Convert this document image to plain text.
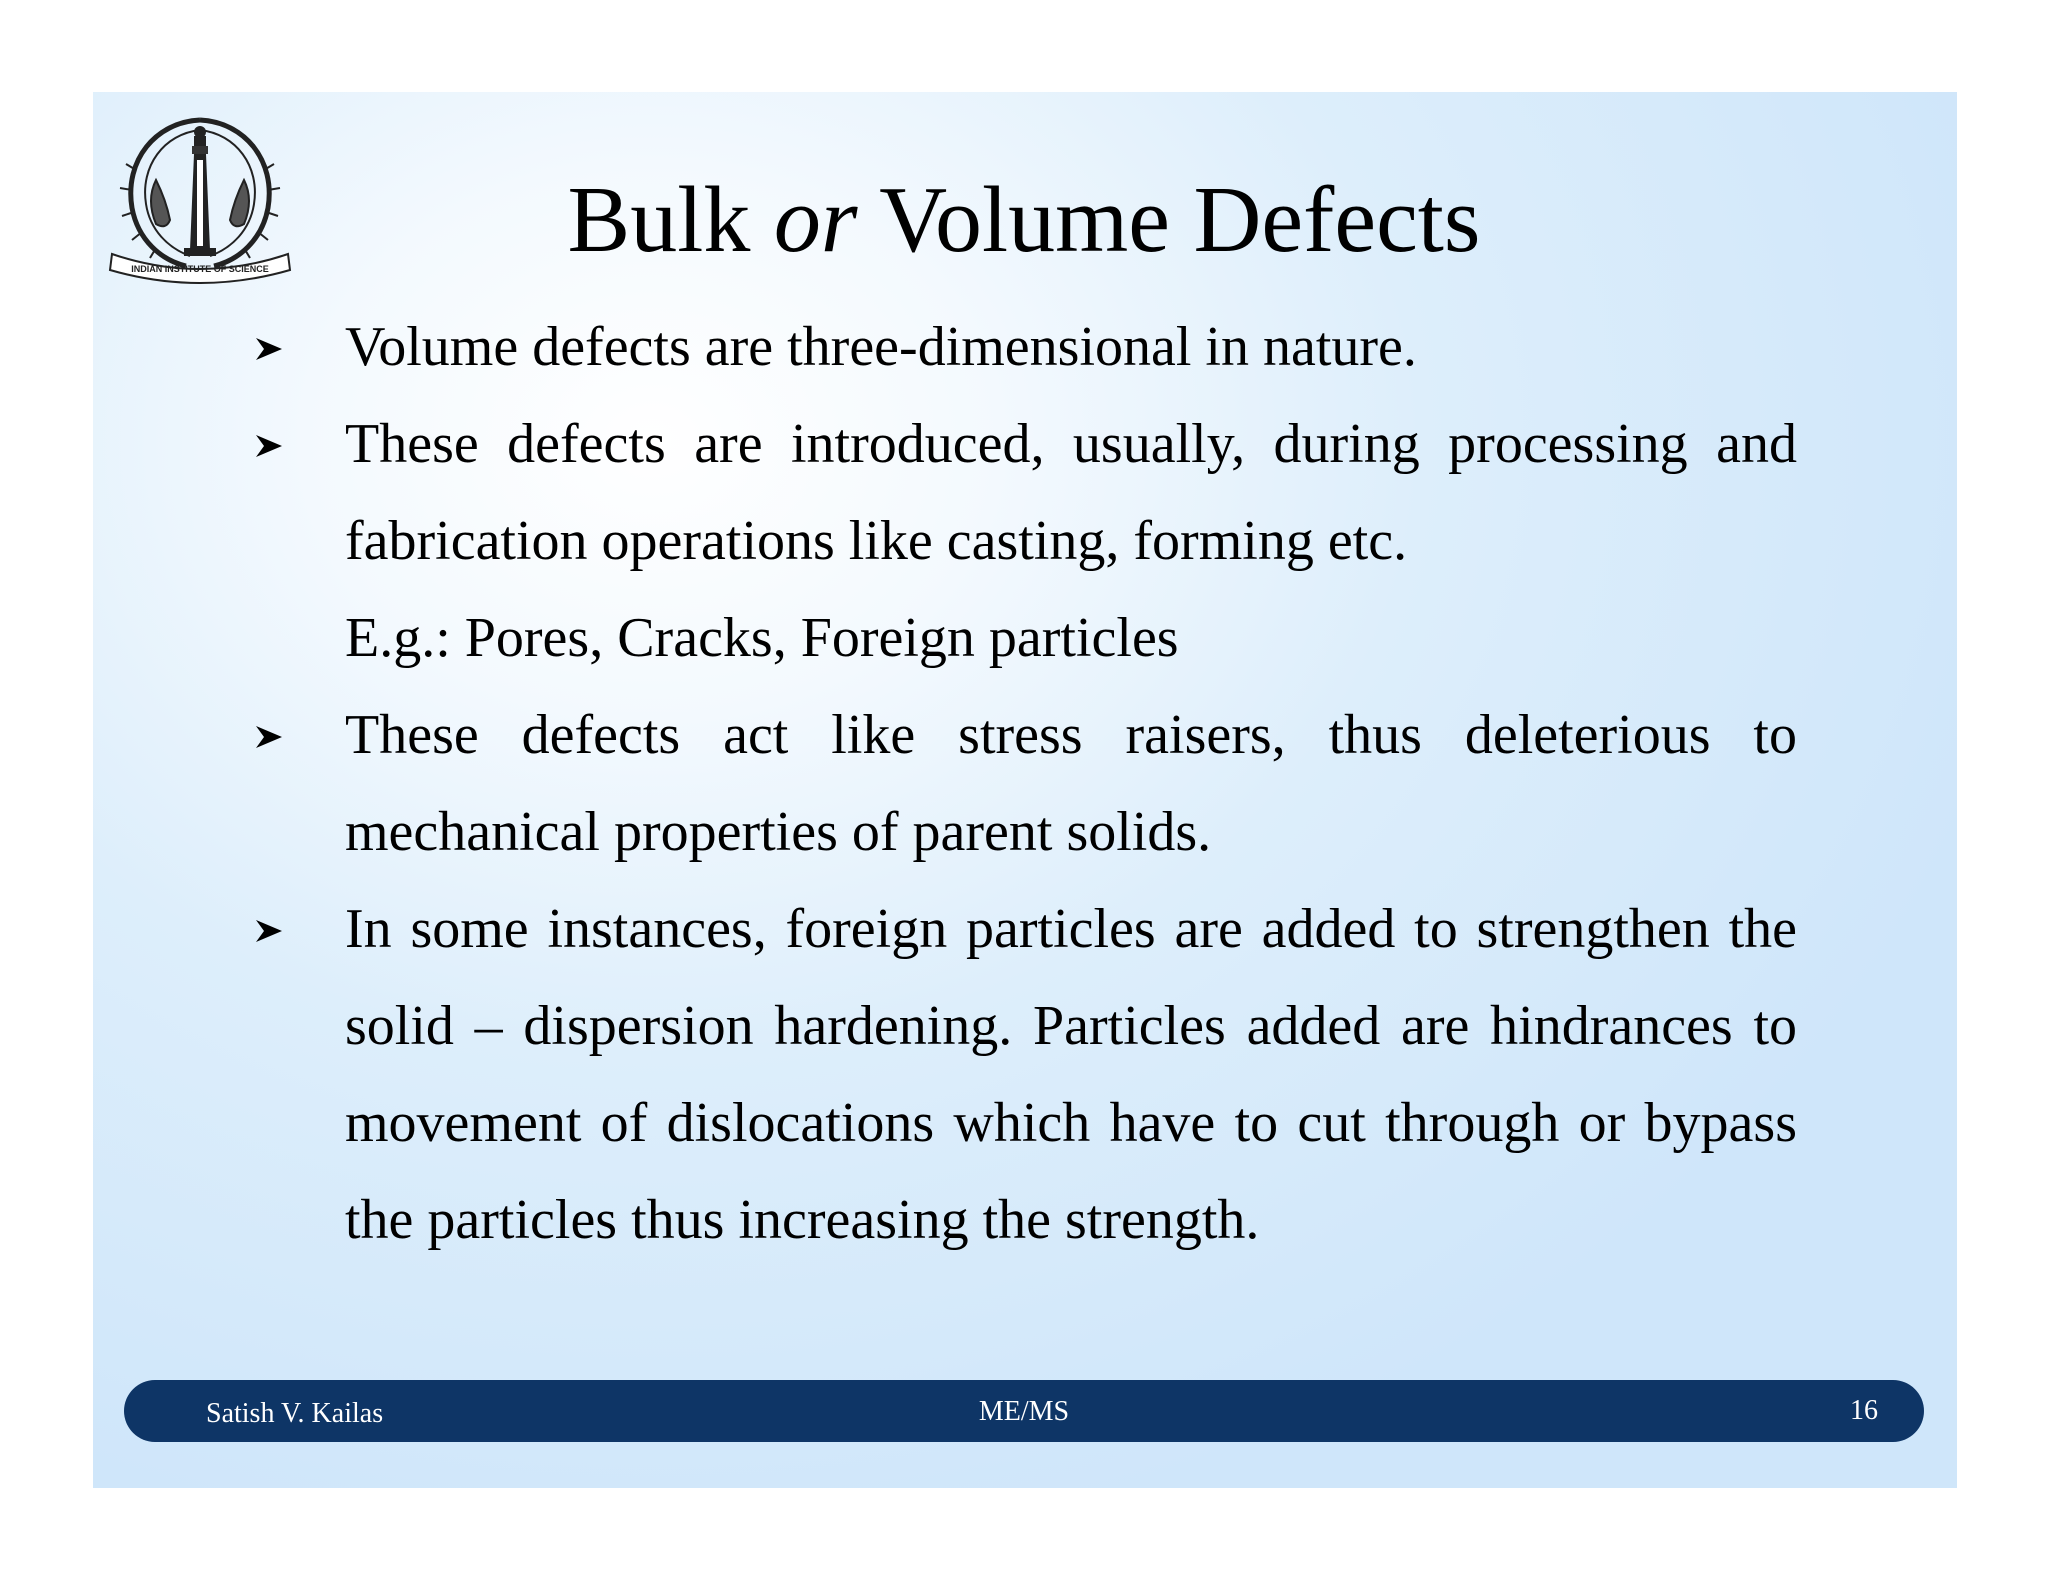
INDIAN INSTITUTE OF SCIENCE	Bulk or Volume Defects

Volume defects are three-dimensional in nature.

These defects are introduced, usually, during processing and fabrication operations like casting, forming etc.

E.g.: Pores, Cracks, Foreign particles

These defects act like stress raisers, thus deleterious to mechanical properties of parent solids.

In some instances, foreign particles are added to strengthen the solid – dispersion hardening. Particles added are hindrances to movement of dislocations which have to cut through or bypass the particles thus increasing the strength.

Satish V. Kailas	ME/MS	16
